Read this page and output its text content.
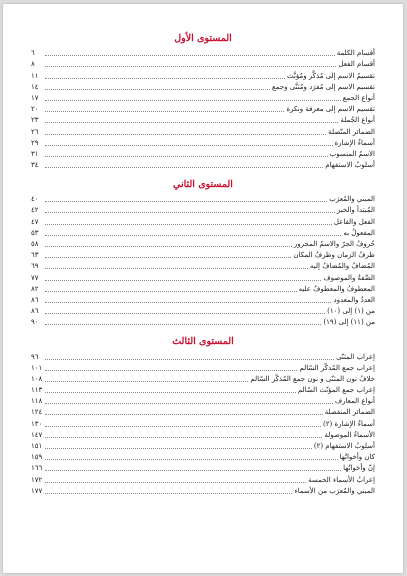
المستوى الأول
أقسام الكلمة
٦
أقسام الفعل
٨
تقسيمُ الاسم إلى مُذكَّر ومُؤنَّث
١١
تقسيم الاسم إلى مُفرَد ومُثنَّى وجمع
١٤
أنواع الجمع
١٧
تقسيم الاسم إلى معرفة ونكرة
٢٠
أنواع الجُملة
٢٣
الضمائر المتّصلة
٢٦
أسماءُ الإشارة
٢٩
الاسمُ المنسوب
٣١
أسلوبُ الاستفهام
٣٤
المستوى الثاني
المبني والمُعرَب
٤٠
المُبتدأ والخبر
٤٢
الفعل والفاعل
٤٧
المفعولُ به
٥٣
حُروفُ الجرّ والاسمُ المجرور
٥٨
ظرفُ الزمان وظرفُ المكان
٦٣
المُضافُ والمُضافُ إليه
٦٩
الصِّفةُ والموصوف
٧٧
المعطوفُ والمعطوفُ عليه
٨٢
العددُ والمعدود
٨٦
من (١) إلى (١٠)
٨٦
من (١١) إلى (١٩)
٩٠
المستوى الثالث
إعراب المثنّى
٩٦
إعراب جمع المُذكّر السّالم
١٠١
خلافُ نون المثنّى و نون جمع المُذكّر السّالم
١٠٨
إعراب جمع المؤنّث السّالم
١١٣
أنواع المعارف
١١٨
الضمائر المنفصلة
١٢٤
أسماءُ الإشارة (٢)
١٣٠
الأسماءُ الموصولة
١٤٧
أسلوبُ الاستفهام (٢)
١٥١
كان وأخواتُها
١٥٩
إنّ وأخواتُها
١٦٦
إعرابُ الأسماء الخمسة
١٧٢
المبني والمُعرَب من الأسماء
١٧٧
